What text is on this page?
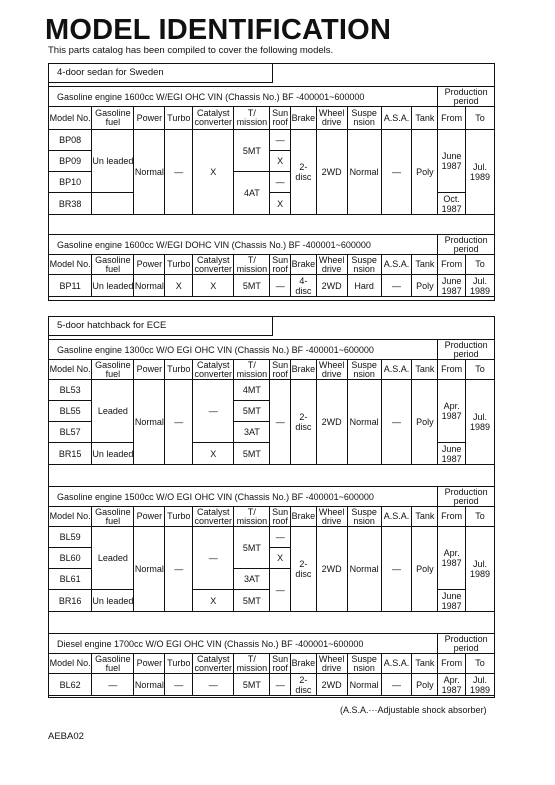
MODEL IDENTIFICATION
This parts catalog has been compiled to cover the following models.
4-door sedan for Sweden
Gasoline engine 1600cc W/EGI OHC VIN (Chassis No.) BF -400001~600000												Production period	
Model No.	Gasoline fuel	Power	Turbo	Catalyst converter	T/ mission	Sun roof	Brake	Wheel drive	Suspe nsion	A.S.A.	Tank	From	To
BP08	Un leaded	Normal	—	X	5MT	—	2- disc	2WD	Normal	—	Poly	June 1987	Jul. 1989
BP09						X							
BP10					4AT	—							
BR38						X						Oct. 1987	
Gasoline engine 1600cc W/EGI DOHC VIN (Chassis No.) BF -400001~600000												Production period	
Model No.	Gasoline fuel	Power	Turbo	Catalyst converter	T/ mission	Sun roof	Brake	Wheel drive	Suspe nsion	A.S.A.	Tank	From	To
BP11	Un leaded	Normal	X	X	5MT	—	4- disc	2WD	Hard	—	Poly	June 1987	Jul. 1989
5-door hatchback for ECE
Gasoline engine 1300cc W/O EGI OHC VIN (Chassis No.) BF -400001~600000												Production period	
Model No.	Gasoline fuel	Power	Turbo	Catalyst converter	T/ mission	Sun roof	Brake	Wheel drive	Suspe nsion	A.S.A.	Tank	From	To
BL53	Leaded	Normal	—	—	4MT	—	2- disc	2WD	Normal	—	Poly	Apr. 1987	Jul. 1989
BL55					5MT								
BL57					3AT								
BR15	Un leaded			X	5MT							June 1987	
Gasoline engine 1500cc W/O EGI OHC VIN (Chassis No.) BF -400001~600000												Production period	
Model No.	Gasoline fuel	Power	Turbo	Catalyst converter	T/ mission	Sun roof	Brake	Wheel drive	Suspe nsion	A.S.A.	Tank	From	To
BL59	Leaded	Normal	—	—	5MT	—	2- disc	2WD	Normal	—	Poly	Apr. 1987	Jul. 1989
BL60						X							
BL61					3AT	—							
BR16	Un leaded			X	5MT							June 1987	
Diesel engine 1700cc W/O EGI OHC VIN (Chassis No.) BF -400001~600000												Production period	
Model No.	Gasoline fuel	Power	Turbo	Catalyst converter	T/ mission	Sun roof	Brake	Wheel drive	Suspe nsion	A.S.A.	Tank	From	To
BL62	—	Normal	—	—	5MT	—	2- disc	2WD	Normal	—	Poly	Apr. 1987	Jul. 1989
(A.S.A.···Adjustable shock absorber)
AEBA02
